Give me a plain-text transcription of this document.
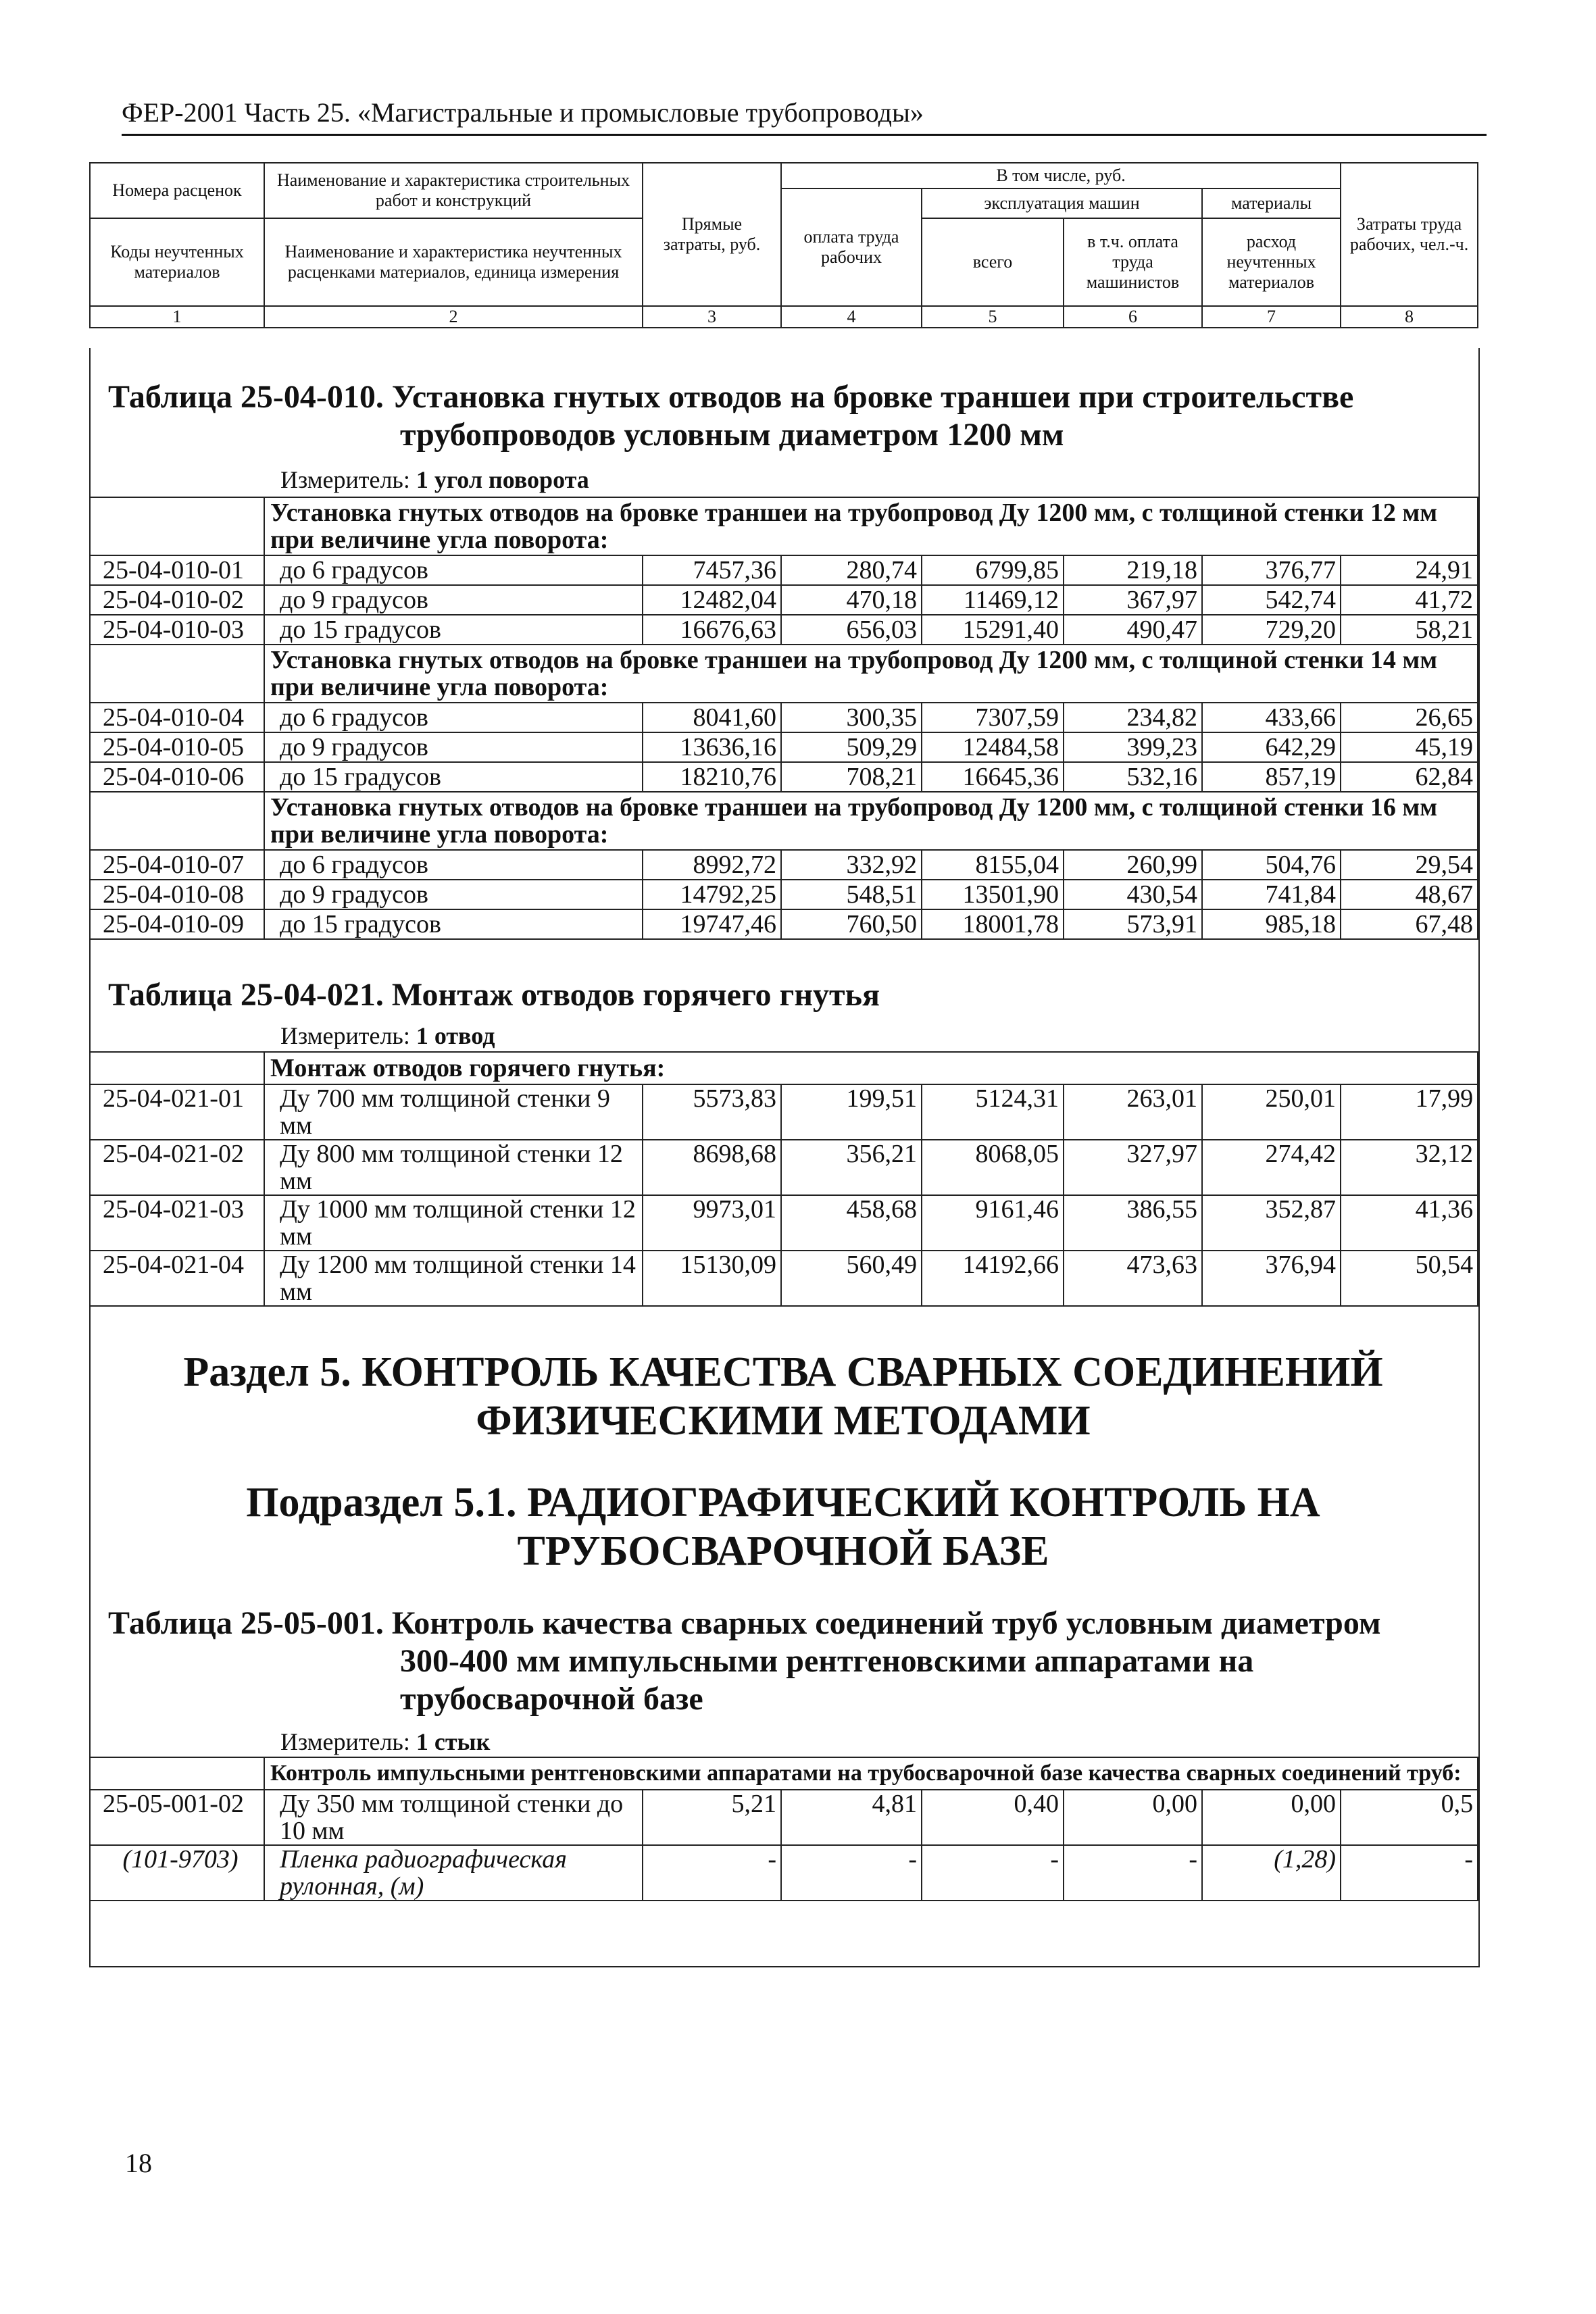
ФЕР-2001 Часть 25. «Магистральные и промысловые трубопроводы»
Номера расценок	Наименование и характеристика строительных работ и конструкций	Прямые затраты, руб.	В том числе, руб.				Затраты труда рабочих, чел.-ч.
			оплата труда рабочих	эксплуатация машин		материалы	
Коды неучтенных материалов	Наименование и характеристика неучтенных расценками материалов, единица измерения			всего	в т.ч. оплата труда машинистов	расход неучтенных материалов	

1	2	3	4	5	6	7	8
Таблица 25-04-010. Установка гнутых отводов на бровке траншеи при строительстве
трубопроводов условным диаметром 1200 мм
Измеритель: 1 угол поворота
	Установка гнутых отводов на бровке траншеи на трубопровод Ду 1200 мм, с толщиной стенки 12 мм при величине угла поворота:						
25-04-010-01	до 6 градусов	7457,36	280,74	6799,85	219,18	376,77	24,91
25-04-010-02	до 9 градусов	12482,04	470,18	11469,12	367,97	542,74	41,72
25-04-010-03	до 15 градусов	16676,63	656,03	15291,40	490,47	729,20	58,21
	Установка гнутых отводов на бровке траншеи на трубопровод Ду 1200 мм, с толщиной стенки 14 мм при величине угла поворота:						
25-04-010-04	до 6 градусов	8041,60	300,35	7307,59	234,82	433,66	26,65
25-04-010-05	до 9 градусов	13636,16	509,29	12484,58	399,23	642,29	45,19
25-04-010-06	до 15 градусов	18210,76	708,21	16645,36	532,16	857,19	62,84
	Установка гнутых отводов на бровке траншеи на трубопровод Ду 1200 мм, с толщиной стенки 16 мм при величине угла поворота:						
25-04-010-07	до 6 градусов	8992,72	332,92	8155,04	260,99	504,76	29,54
25-04-010-08	до 9 градусов	14792,25	548,51	13501,90	430,54	741,84	48,67
25-04-010-09	до 15 градусов	19747,46	760,50	18001,78	573,91	985,18	67,48
Таблица 25-04-021. Монтаж отводов горячего гнутья
Измеритель: 1 отвод
	Монтаж отводов горячего гнутья:						
25-04-021-01	Ду 700 мм толщиной стенки 9 мм	5573,83	199,51	5124,31	263,01	250,01	17,99
25-04-021-02	Ду 800 мм толщиной стенки 12 мм	8698,68	356,21	8068,05	327,97	274,42	32,12
25-04-021-03	Ду 1000 мм толщиной стенки 12 мм	9973,01	458,68	9161,46	386,55	352,87	41,36
25-04-021-04	Ду 1200 мм толщиной стенки 14 мм	15130,09	560,49	14192,66	473,63	376,94	50,54
Раздел 5. КОНТРОЛЬ КАЧЕСТВА СВАРНЫХ СОЕДИНЕНИЙ
ФИЗИЧЕСКИМИ МЕТОДАМИ
Подраздел 5.1. РАДИОГРАФИЧЕСКИЙ КОНТРОЛЬ НА
ТРУБОСВАРОЧНОЙ БАЗЕ
Таблица 25-05-001. Контроль качества сварных соединений труб условным диаметром
300-400 мм импульсными рентгеновскими аппаратами на
трубосварочной базе
Измеритель: 1 стык
	Контроль импульсными рентгеновскими аппаратами на трубосварочной базе качества сварных соединений труб:						
25-05-001-02	Ду 350 мм толщиной стенки до 10 мм	5,21	4,81	0,40	0,00	0,00	0,5
(101-9703)	Пленка радиографическая рулонная, (м)	-	-	-	-	(1,28)	-
18
